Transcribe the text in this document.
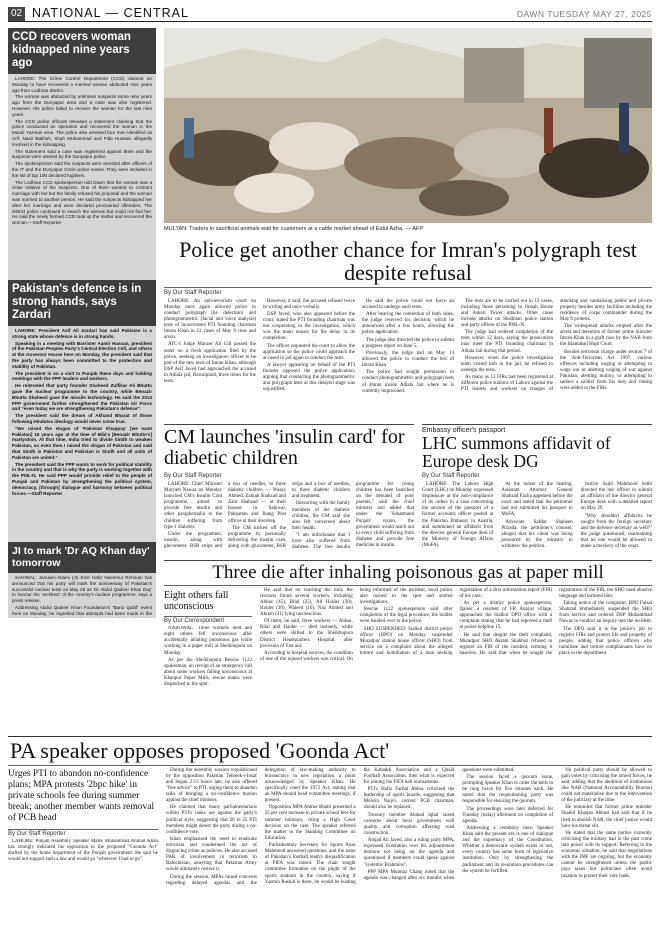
02 NATIONAL — CENTRAL	DAWN TUESDAY MAY 27, 2025
CCD recovers woman kidnapped nine years ago

LAHORE: The Crime Control Department (CCD) claimed on Monday to have recovered a married woman abducted nine years ago from Lodhran district.

The woman was abducted by unknown suspects some nine years ago from the Dunyapur area and a case was also registered. However, the police failed to recover the woman for the last nine years.

The CCD police officials released a statement claiming that the police conducted an operation and recovered the woman in the Mandi Yazman area. The police also arrested four men identified as Arif, Nasir Bakhsh, Shah Muhammad and Fida Hussain allegedly involved in the kidnapping.

The statement said a case was registered against them and the suspects were wanted by the Dunyapur police.

The spokesperson said the suspects were arrested after officers of the IT and the Dunyapur Circle police teams. They were included in the list of top 100 declared fugitives.

The Lodhran CCD spokesperson told Dawn that the woman was a close relative of the suspects. One of them wanted to contract marriage with her but the family refused his proposal and the woman was married to another person. He said the suspects kidnapped her after her marriage and were declared proclaimed offenders. The district police continued to search the woman but could not find her. He said the newly formed CCD took up the matter and recovered the woman.—Staff Reporter

Pakistan's defence is in strong hands, says Zardari

LAHORE: President Asif Ali Zardari has said Pakistan is a strong state whose defence is in strong hands.

Speaking in a meeting with Barrister Aamir Hassan, president of the Pakistan Peoples Party's Central Election Cell, and others at the Governor House here on Monday, the president said that the party has always been committed to the protection and stability of Pakistan.

The president is on a visit to Punjab these days and holding meetings with the PPP leaders and workers.

He reiterated that party founder Shaheed Zulfikar Ali Bhutto gave the nuclear programme to the country, while Benazir Bhutto Shaheed gave the missile technology. He said the 2013 PPP government further strengthened the Pakistan Air Force and "even today we are strengthening Pakistan's defence".

The president said the dream of Akhand Bharat of those following Hindutva ideology would never come true.

"We raised the slogan of 'Pakistan Khappay' [we want Pakistan] 16 years ago at the time of Bibi's [Benazir Bhutto's] martyrdom. At that time, India tried to divide Sindh to weaken Pakistan, so even then I raised the slogan of Pakistan and said that Sindh is Pakistan and Pakistan is Sindh and all units of Pakistan are united."

The president said the PPP wants to work for political stability in the country and that is why the party is working together with the PML-N. He said PPP would provide relief to the people of Punjab and Pakistan by strengthening the political system, democracy, [through] dialogue and harmony between political forces.—Staff Reporter

JI to mark 'Dr AQ Khan day' tomorrow

SAHIWAL: Jamaat-i-Islami (JI) Emir Hafiz Naeemur Rehman has announced that his party will mark the anniversary of Pakistan's successful nuclear tests on May 28 as 'Dr Abdul Qadeer Khan Day' to honour the 'architect' of the country's nuclear programme, says a press release.

Addressing Abdul Qadeer Khan Foundation's "Bano Qabil" event here on Monday, he regretted that attempts had been made in the

MULTAN: Traders in sacrificial animals wait for customers at a cattle market ahead of Eidul Azha. — AFP
Police get another chance for Imran's polygraph test despite refusal
By Our Staff Reporter

LAHORE: An anti-terrorism court on Monday once again allowed police to conduct polygraph (lie detection) and photogrammetric (facial and voice analysis) tests of incarcerated PTI founding chairman Imran Khan in 12 cases of May 9 riots and arson.

ATC-I Judge Manzer Ali Gill passed the order on a fresh application filed by the police, seeking an investigation officer to be part of the new tests of Imran Khan, although DSP Asif Javed had approached the accused in Adiala jail, Rawalpindi, three times for the tests.

However, it said, the accused refused twice in writing and once verbally.

DSP Javed, who also appeared before the court, stated the PTI founding chairman was not cooperating in the investigation, which was the main reason for the delay in its completion.

The officer requested the court to allow the application so the police could approach the accused in jail again to conduct the tests.

A lawyer appearing on behalf of the PTI founder opposed the police application, arguing that conducting the photogrammetric and polygraph tests at this delayed stage was unjustified.

He said the police could not force an accused to undergo such tests.

After hearing the contention of both sides, the judge reserved his decision, which he announced after a few hours, allowing the police application.

The judge also directed the police to submit a progress report on June 5.

Previously, the judge had on May 14 allowed the police to conduct the test of Imran Khan.

The police had sought permission to conduct photogrammetric and polygraph tests of Imran inside Adiala Jail where he is currently imprisoned.

The tests are to be carried out in 12 cases, including those pertaining to Jinnah House and Askari Tower attacks. Other cases include attacks on Shadman police station and party offices of the PML-N.

The judge had ordered completion of the tests within 12 days, saying the prosecution may meet the PTI founding chairman in Adiala Jail during that period.

However, when the police investigation team visited him in the jail, he refused to undergo the tests.

As many as 12 FIRs had been registered at different police stations of Lahore against the PTI leaders and workers on charges of attacking and vandalising public and private property besides army facilities including the residence of corps commander during the May 9 protests.

The widespread attacks erupted after the arrest and detention of former prime minister Imran Khan in a graft case by the NAB from the Islamabad High Court.

Besides terrorism charge under section 7 of the Anti-Terrorism Act 1997, various offences including waging or attempting to wage war or abetting waging of war against Pakistan, abetting mutiny, or attempting to seduce a soldier from his duty and rioting were added in the FIRs.

CM launches 'insulin card' for diabetic children
By Our Staff Reporter

LAHORE: Chief Minister Maryam Nawaz on Monday launched CM's Insulin Card programme, aimed to provide free insulin and other paraphernalia to the children suffering from type-1 diabetes.

Under the programme, insulin, along with glucometer, BSR strips and a box of needles, to three diabetic children — Wasay Ahmed, Zainab Shahzad and Zain Shahzad — at their houses in Sahiwal, Pakpattan and Jhang Post offices at their doorstep.

The CM kicked off the programme by personally delivering the insulin card, along with glucometer, BSR strips and a box of needles, to three diabetic children and treatment.

Interacting with the family members of the diabetic children, the CM said she also felt concerned about their health.

"I am unfortunate that I have also suffered from diabetes. The free insulin programme for young children has been launched on the demand of poor parents," said the chief minister and added that under the 'Sehatmand Punjab' vision, the government would reach out to every child suffering from diabetes and provide free medicine in insulin.

Embassy officer's passport
LHC summons affidavit of Europe desk DG
By Our Staff Reporter

LAHORE: The Lahore High Court (LHC) on Monday expressed displeasure at the non-compliance of its orders in a case concerning the seizure of the passport of a former accounts officer posted at the Pakistan Embassy in Austria, and summoned an affidavit from the director general Europe desk of the Ministry of Foreign Affairs (MoFA).

At the outset of the hearing, Assistant Attorney General Shahzad Fazlia appeared before the court and stated that the petitioner had not submitted his passport to MoFA.

Advocate Safdar Shaheen Pirzada, the petitioner's counsel, alleged that his client was being pressured by the ministry to withdraw the petition.

Justice Sajid Mahmood Sethi directed the law officer to submit an affidavit of the director general Europe desk with a detailed report on May 29.

"Why shouldn't affidavits be sought from the foreign secretary and the defence secretary as well?" the judge questioned, maintaining that no one would be allowed to make a mockery of the court.

Three die after inhaling poisonous gas at paper mill
Eight others fall unconscious
By Our Correspondent

NAROWAL: Three workers died and eight others fell unconscious after accidentally inhaling poisonous gas while working in a paper mill at Sheikhupura on Monday.

As per the Sheikhupura Rescue 1122 spokesman, on receipt of an emergency call about some workers falling unconscious at Khanpur Paper Mills, rescue teams were dispatched to the spot.

He said that on reaching the mill, the rescuers found several workers, including Abbas (45), Bilal (25), Ali Haider (30), Haider (30), Waleed (16), Naz Ahmed and Akram (31) lying unconscious.

Of them, he said, three workers — Abbas, Bilal and Haider — died instantly, while others were shifted to the Sheikhupura District Headquarters Hospital, after provision of first aid.

According to hospital sources, the condition of one of the injured workers was critical. On being informed of the incident, local police also rushed to the spot and started investigations.

Rescue 1122 spokesperson said after completion of the legal procedure, the bodies were handed over to the police.

SHO SUSPENDED: Sialkot district police officer (DPO) on Monday suspended Muradpur station house officer (SHO) from service on a complaint about the alleged torture and humiliation of a man seeking registration of a first information report (FIR) of his case.

As per a district police spokesperson, Qaiser, a resident of FR Anayat village, approached the Sialkot DPO office with a complaint stating that he had reported a theft at police helpline 15.

He said that despite the theft complaint, Muradpur SHO Akram Shahbaz refused to register an FIR of the incident, terming it baseless. He said that when he sought the registration of the FIR, the SHO used abusive language and tortured him.

Taking notice of the complaint, DPO Faisal Shahzad immediately suspended the SHO from service and ordered DSP Muhammad Nawaz to conduct an inquiry into the incident.

The DPO said it is the police's job to register FIRs and protect life and property of people, adding that police officers who humiliate and torture complainants have no place in the department.

PA speaker opposes proposed 'Goonda Act'
Urges PTI to abandon no-confidence plans; MPA protests '2bpc hike' in private schools fee during summer break; another member wants removal of PCB head
By Our Staff Reporter

LAHORE: Punjab Assembly Speaker Malik Muhammad Ahmad Khan has strongly indicated his opposition to the proposed "Goonda Act" drafted by the home department of the Punjab government. He said he would not support such a law and would go "wherever I had to go".

During the assembly session requisitioned by the opposition Pakistan Tehreek-i-Insaf and began 2:13 hours late, he also offered "free advice" to PTI, urging them to abandon talks of bringing a no-confidence motion against the chief minister.

He claimed that many parliamentarians within PTI's ranks are against the party's political style, suggesting that 20 to 25 PTI members might desert the party during a no-confidence vote.

Khan emphasised the need to eradicate terrorism and condemned the act of disgracing crime as policies. He also accused PAR of involvement in terrorism in Balochistan, asserting that Pakistan Army would ultimately restore it.

During the session, MPAs raised concerns regarding delayed agendas and the delegation of law-making authority to bureaucracy in new legislation, a point acknowledged by Speaker Khan. He specifically cited the 1972 Act, stating that an MPA should head committee meetings, if present.

Opposition MPA Ahmer Bhatti presented a 25 per cent increase in private school fees for summer holidays, citing a High Court decision on the case. The speaker referred the matter to the Standing Committee on Education.

Parliamentary Secretary for Sports Anas Mahmood answered questions, and the issue of Pakistan's football team's disqualification at FIFA was raised. The chair sought committee formation on the plight of the sports stadium in the country, saying if Yasmin Rashid is there, he would be leading the Kabaddi Association and a Quaid Football Association, then what is expected for joining the FIFA ball tournaments.

PTI's Hafiz Farhat Abbas criticised the leadership of sports boards, suggesting that Mohsin Naqvi, current PCB chairman, should also be replaced.

Treasury member Ahmad Iqbal raised concerns about local government well quality and corruption affecting road construction.

Amjad Ali Javed, also a ruling party MPA, expressed frustration over his adjournment motions not being on the agenda and questioned if members could speak against "systemic Brahmins".

PPP MPA Mumtaz Chang noted that the agenda was changed after six months when questions were submitted.

The session faced a quorum issue, prompting Speaker Khan to order the bells to be rung twice for five minutes each. He noted that the requisitioning party was responsible for ensuring the quorum.

The proceedings were later deferred for Tuesday (today) afternoon on completion of agenda.

Addressing a ceremony here, Speaker Khan said the present era is one of dialogue and the supremacy of the Constitution. Whether a democratic system exists or not, every country has some form of legislative institution. Only by strengthening the parliament and its resolution procedures can the system be fortified.

No political party should be allowed to gain votes by criticising the armed forces, he said, adding that the abolition of institutions like NAB (National Accountability Bureau) could not materialise due to the intervention of the judiciary at the time.

He reminded that former prime minister Shahid Khaqan Abbasi had said that if he tried to abolish NAB, the chief justice would have his throat slit.

He stated that the same parties currently criticising the military had in the past come into power with its support. Referring to the economic situation, he said that negotiations with the IMF are ongoing, but the economy cannot be strengthened unless the public pays taxes but politicians often avoid taxation to protect their vote bank.
